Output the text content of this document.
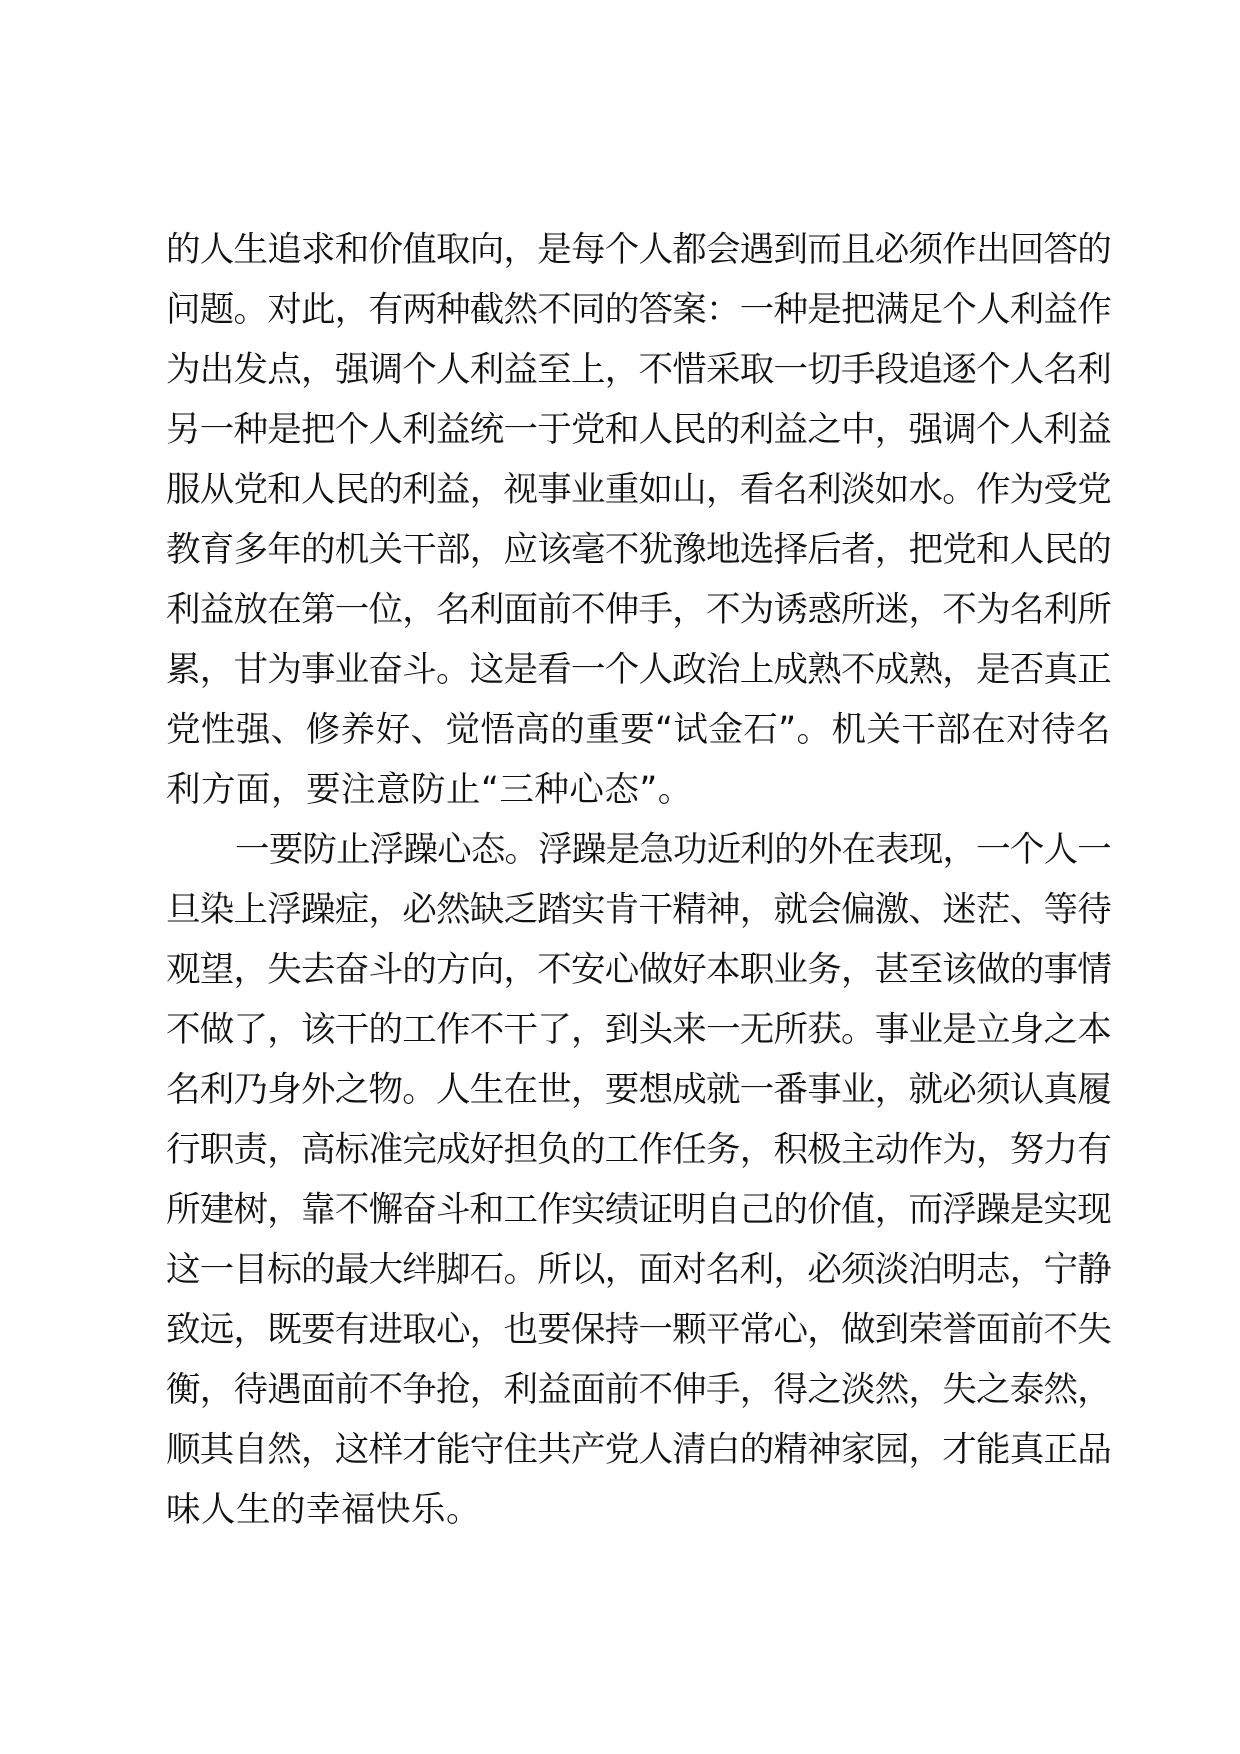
的人生追求和价值取向，是每个人都会遇到而且必须作出回答的
问题。对此，有两种截然不同的答案：一种是把满足个人利益作
为出发点，强调个人利益至上，不惜采取一切手段追逐个人名利
另一种是把个人利益统一于党和人民的利益之中，强调个人利益
服从党和人民的利益，视事业重如山，看名利淡如水。作为受党
教育多年的机关干部，应该毫不犹豫地选择后者，把党和人民的
利益放在第一位，名利面前不伸手，不为诱惑所迷，不为名利所
累，甘为事业奋斗。这是看一个人政治上成熟不成熟，是否真正
党性强、修养好、觉悟高的重要“试金石”。机关干部在对待名
利方面，要注意防止“三种心态”。
一要防止浮躁心态。浮躁是急功近利的外在表现，一个人一
旦染上浮躁症，必然缺乏踏实肯干精神，就会偏激、迷茫、等待
观望，失去奋斗的方向，不安心做好本职业务，甚至该做的事情
不做了，该干的工作不干了，到头来一无所获。事业是立身之本
名利乃身外之物。人生在世，要想成就一番事业，就必须认真履
行职责，高标准完成好担负的工作任务，积极主动作为，努力有
所建树，靠不懈奋斗和工作实绩证明自己的价值，而浮躁是实现
这一目标的最大绊脚石。所以，面对名利，必须淡泊明志，宁静
致远，既要有进取心，也要保持一颗平常心，做到荣誉面前不失
衡，待遇面前不争抢，利益面前不伸手，得之淡然，失之泰然，
顺其自然，这样才能守住共产党人清白的精神家园，才能真正品
味人生的幸福快乐。
